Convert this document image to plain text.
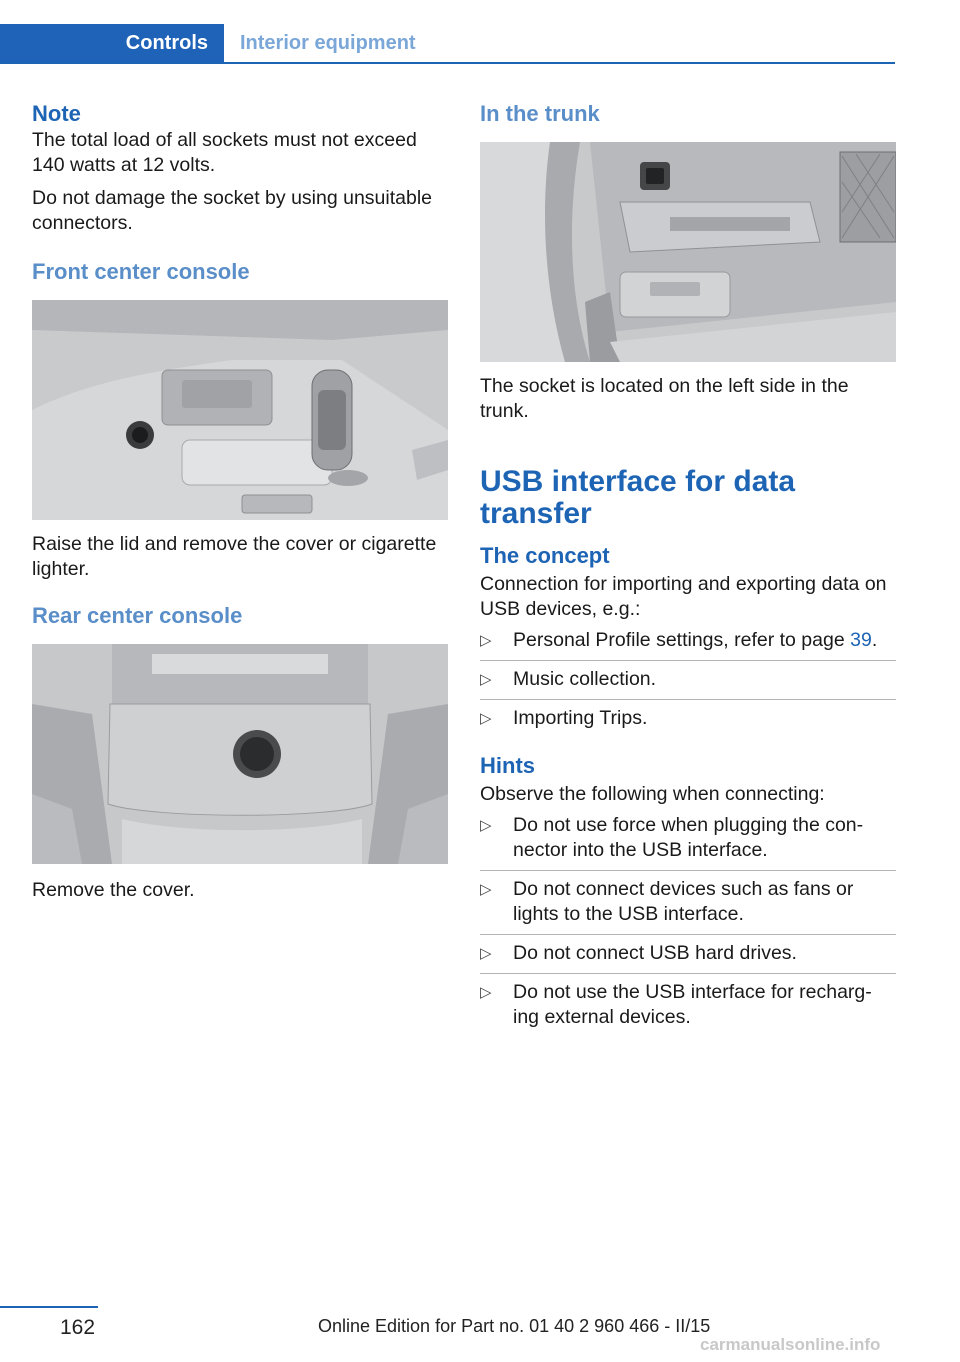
Controls	Interior equipment
Note

The total load of all sockets must not exceed 140 watts at 12 volts.

Do not damage the socket by using unsuitable connectors.

Front center console

Raise the lid and remove the cover or cigarette lighter.

Rear center console

Remove the cover.

In the trunk

The socket is located on the left side in the trunk.

USB interface for data transfer
The concept

Connection for importing and exporting data on USB devices, e.g.:

▷ Personal Profile settings, refer to page 39.
▷ Music collection.
▷ Importing Trips.
Hints

Observe the following when connecting:

▷ Do not use force when plugging the con‐nector into the USB interface.
▷ Do not connect devices such as fans or lights to the USB interface.
▷ Do not connect USB hard drives.
▷ Do not use the USB interface for recharg‐ing external devices.
162	Online Edition for Part no. 01 40 2 960 466 - II/15
carmanualsonline.info
